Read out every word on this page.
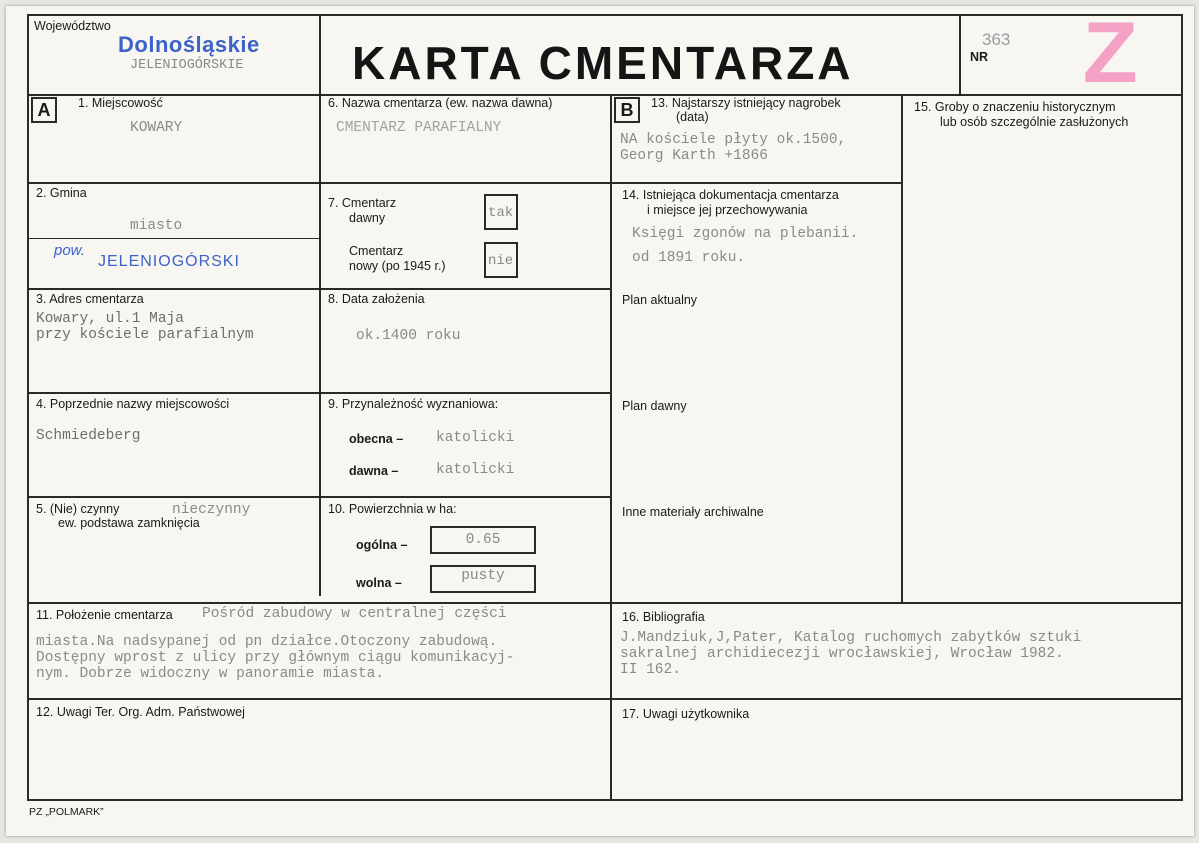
Województwo
Dolnośląskie
JELENIOGÓRSKIE KARTA CMENTARZA	NR
363 Z
A	B
1. Miejscowość
KOWARY
2. Gmina
miasto
pow.
JELENIOGÓRSKI
3. Adres cmentarza
Kowary, ul.1 Maja
przy kościele parafialnym
4. Poprzednie nazwy miejscowości
Schmiedeberg
5. (Nie) czynny
ew. podstawa zamknięcia
nieczynny
6. Nazwa cmentarza (ew. nazwa dawna)
CMENTARZ PARAFIALNY
7. Cmentarz
dawny	tak
Cmentarz
nowy (po 1945 r.)	nie
8. Data założenia
ok.1400 roku
9. Przynależność wyznaniowa:
obecna – katolicki
dawna –	katolicki
10. Powierzchnia w ha:
ogólna –	0.65
wolna –	pusty
13. Najstarszy istniejący nagrobek
(data)
NA kościele płyty ok.1500,
Georg Karth +1866
14. Istniejąca dokumentacja cmentarza
i miejsce jej przechowywania
Księgi zgonów na plebanii.
od 1891 roku.
Plan aktualny
Plan dawny
Inne materiały archiwalne
15. Groby o znaczeniu historycznym
lub osób szczególnie zasłużonych
11. Położenie cmentarza Pośród zabudowy w centralnej części
miasta.Na nadsypanej od pn działce.Otoczony zabudową.
Dostępny wprost z ulicy przy głównym ciągu komunikacyj-
nym. Dobrze widoczny w panoramie miasta.
16. Bibliografia
J.Mandziuk,J,Pater, Katalog ruchomych zabytków sztuki
sakralnej archidiecezji wrocławskiej, Wrocław 1982.
II 162.
12. Uwagi Ter. Org. Adm. Państwowej	17. Uwagi użytkownika
PZ „POLMARK”
